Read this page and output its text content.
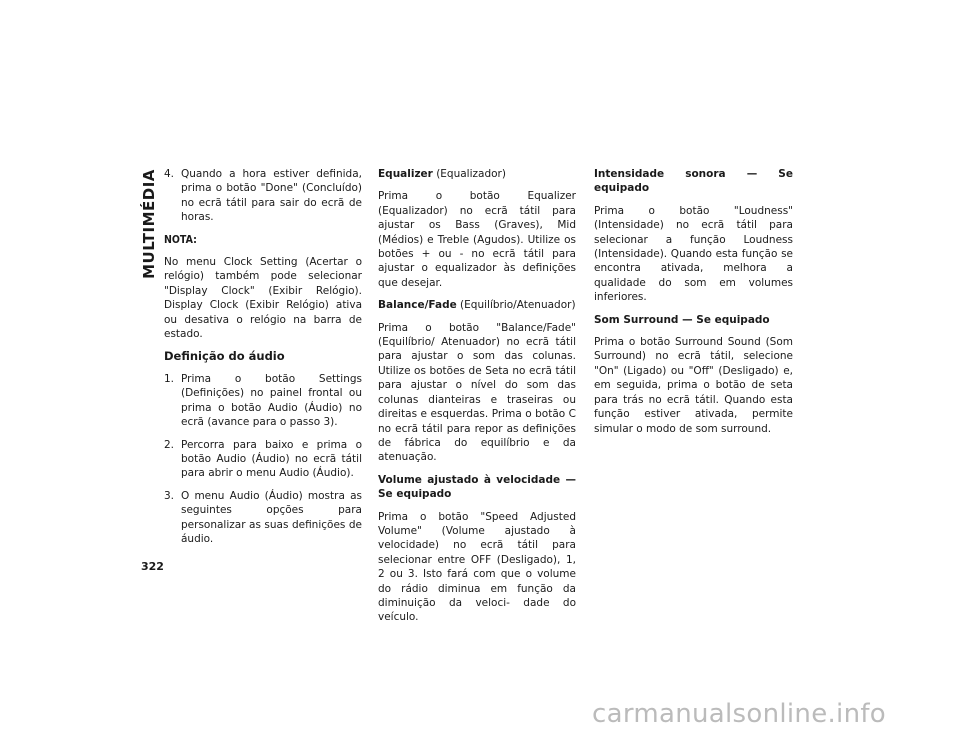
MULTIMÉDIA 4. Quando a hora estiver definida, prima o botão "Done" (Concluído) no ecrã tátil para sair do ecrã de horas.

NOTA:

No menu Clock Setting (Acertar o relógio) também pode selecionar "Display Clock" (Exibir Relógio). Display Clock (Exibir Relógio) ativa ou desativa o relógio na barra de estado.

Definição do áudio

1. Prima o botão Settings (Definições) no painel frontal ou prima o botão Audio (Áudio) no ecrã (avance para o passo 3).

2. Percorra para baixo e prima o botão Audio (Áudio) no ecrã tátil para abrir o menu Audio (Áudio).

3. O menu Audio (Áudio) mostra as seguintes opções para personalizar as suas definições de áudio.

Equalizer (Equalizador)

Prima o botão Equalizer (Equalizador) no ecrã tátil para ajustar os Bass (Graves), Mid (Médios) e Treble (Agudos). Utilize os botões + ou - no ecrã tátil para ajustar o equalizador às definições que desejar.

Balance/Fade (Equilíbrio/Atenuador)

Prima o botão "Balance/Fade" (Equilíbrio/ Atenuador) no ecrã tátil para ajustar o som das colunas. Utilize os botões de Seta no ecrã tátil para ajustar o nível do som das colunas dianteiras e traseiras ou direitas e esquerdas. Prima o botão C no ecrã tátil para repor as definições de fábrica do equilíbrio e da atenuação.

Volume ajustado à velocidade — Se equipado

Prima o botão "Speed Adjusted Volume" (Volume ajustado à velocidade) no ecrã tátil para selecionar entre OFF (Desligado), 1, 2 ou 3. Isto fará com que o volume do rádio diminua em função da diminuição da veloci- dade do veículo.

Intensidade sonora — Se equipado

Prima o botão "Loudness" (Intensidade) no ecrã tátil para selecionar a função Loudness (Intensidade). Quando esta função se encontra ativada, melhora a qualidade do som em volumes inferiores.

Som Surround — Se equipado

Prima o botão Surround Sound (Som Surround) no ecrã tátil, selecione "On" (Ligado) ou "Off" (Desligado) e, em seguida, prima o botão de seta para trás no ecrã tátil. Quando esta função estiver ativada, permite simular o modo de som surround.

322
carmanualsonline.info
